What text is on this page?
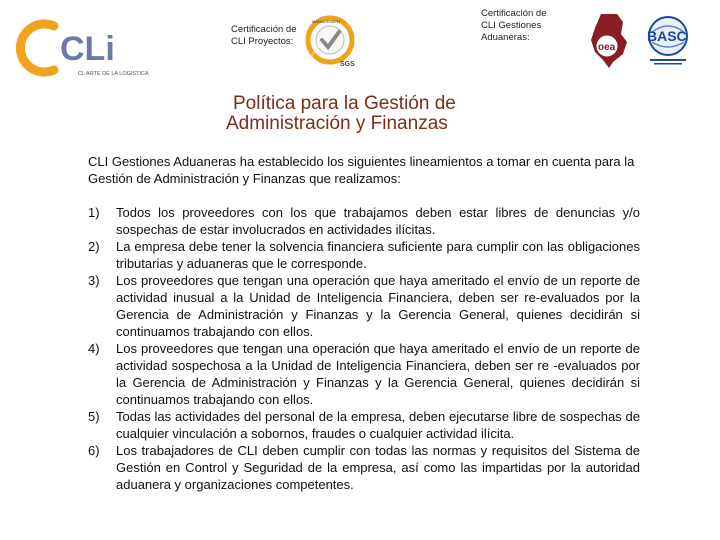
CLi
CL ARTE DE LA LOGISTICA
Certificación de
CLI Proyectos:
MANAGEMENT
SYSTEMS
SGS
Certificación de
CLI Gestiones
Aduaneras:
oea
BASC
Política para la Gestión de
Administración y Finanzas
CLI Gestiones Aduaneras ha establecido los siguientes lineamientos a tomar en cuenta para la Gestión de Administración y Finanzas que realizamos:
1) Todos los proveedores con los que trabajamos deben estar libres de denuncias y/o sospechas de estar involucrados en actividades ilícitas.
2) La empresa debe tener la solvencia financiera suficiente para cumplir con las obligaciones tributarias y aduaneras que le corresponde.
3) Los proveedores que tengan una operación que haya ameritado el envío de un reporte de actividad inusual a la Unidad de Inteligencia Financiera, deben ser re-evaluados por la Gerencia de Administración y Finanzas y la Gerencia General, quienes decidirán si continuamos trabajando con ellos.
4) Los proveedores que tengan una operación que haya ameritado el envío de un reporte de actividad sospechosa a la Unidad de Inteligencia Financiera, deben ser re -evaluados por la Gerencia de Administración y Finanzas y la Gerencia General, quienes decidirán si continuamos trabajando con ellos.
5) Todas las actividades del personal de la empresa, deben ejecutarse libre de sospechas de cualquier vinculación a sobornos, fraudes o cualquier actividad ilícita.
6) Los trabajadores de CLI deben cumplir con todas las normas y requisitos del Sistema de Gestión en Control y Seguridad de la empresa, así como las impartidas por la autoridad aduanera y organizaciones competentes.
